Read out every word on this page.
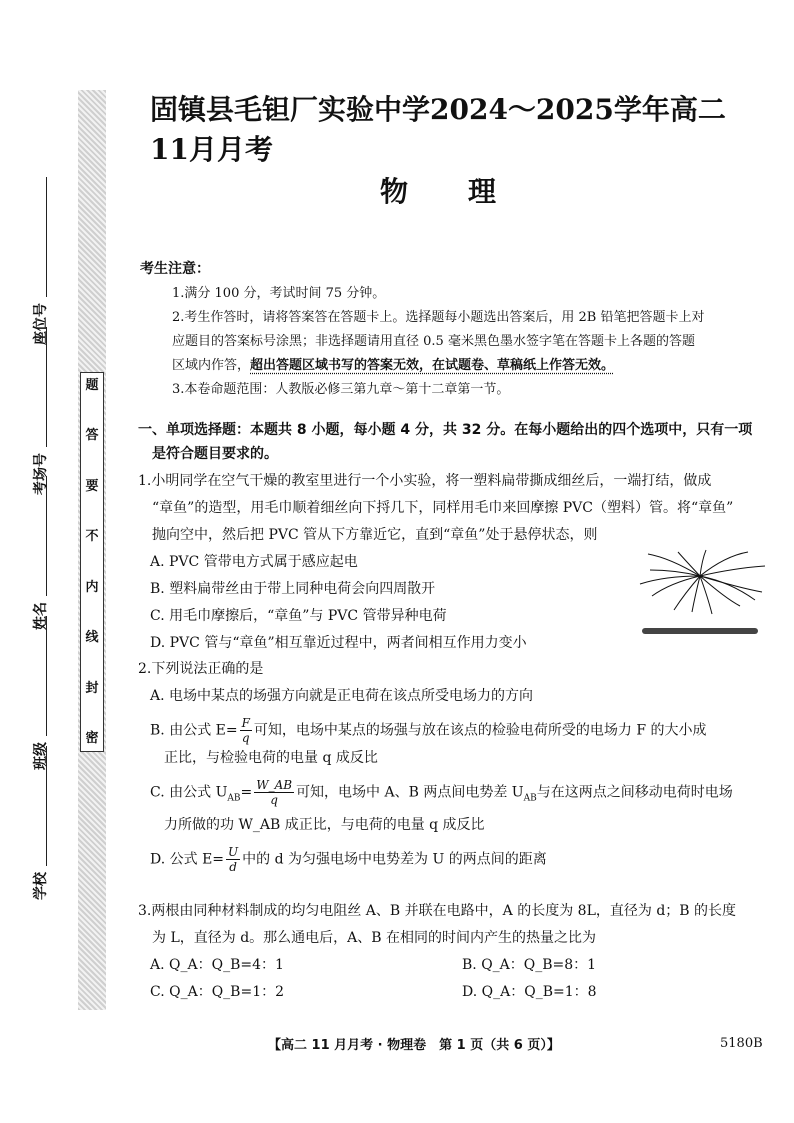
题
答
要
不
内
线
封
密
学校
班级
姓名
考场号
座位号
固镇县毛钽厂实验中学2024～2025学年高二11月月考
物理
考生注意：

1.满分 100 分，考试时间 75 分钟。

2.考生作答时，请将答案答在答题卡上。选择题每小题选出答案后，用 2B 铅笔把答题卡上对

应题目的答案标号涂黑；非选择题请用直径 0.5 毫米黑色墨水签字笔在答题卡上各题的答题

区域内作答，超出答题区域书写的答案无效，在试题卷、草稿纸上作答无效。

3.本卷命题范围：人教版必修三第九章～第十二章第一节。

一、单项选择题：本题共 8 小题，每小题 4 分，共 32 分。在每小题给出的四个选项中，只有一项
是符合题目要求的。

1.小明同学在空气干燥的教室里进行一个小实验，将一塑料扁带撕成细丝后，一端打结，做成

“章鱼”的造型，用毛巾顺着细丝向下捋几下，同样用毛巾来回摩擦 PVC（塑料）管。将“章鱼”

抛向空中，然后把 PVC 管从下方靠近它，直到“章鱼”处于悬停状态，则

A. PVC 管带电方式属于感应起电

B. 塑料扁带丝由于带上同种电荷会向四周散开

C. 用毛巾摩擦后，“章鱼”与 PVC 管带异种电荷

D. PVC 管与“章鱼”相互靠近过程中，两者间相互作用力变小

2.下列说法正确的是

A. 电场中某点的场强方向就是正电荷在该点所受电场力的方向

B. 由公式 $E= \frac{F}{q}$ 可知，电场中某点的场强与放在该点的检验电荷所受的电场力 F 的大小成

正比，与检验电荷的电量 q 成反比

C. 由公式 $U_{AB}= \frac{W\_AB}{q}$ 可知，电场中 A、B 两点间电势差 $U_{AB}$与在这两点之间移动电荷时电场

力所做的功 W_AB 成正比，与电荷的电量 q 成反比

D. 公式 $E= \frac{U}{d}$ 中的 d 为匀强电场中电势差为 U 的两点间的距离

3.两根由同种材料制成的均匀电阻丝 A、B 并联在电路中，A 的长度为 8L，直径为 d；B 的长度

为 L，直径为 d。那么通电后，A、B 在相同的时间内产生的热量之比为

A. Q_A：Q_B=4：1	B. Q_A：Q_B=8：1

C. Q_A：Q_B=1：2	D. Q_A：Q_B=1：8

【高二 11 月月考 · 物理卷　第 1 页（共 6 页）】	5180B
